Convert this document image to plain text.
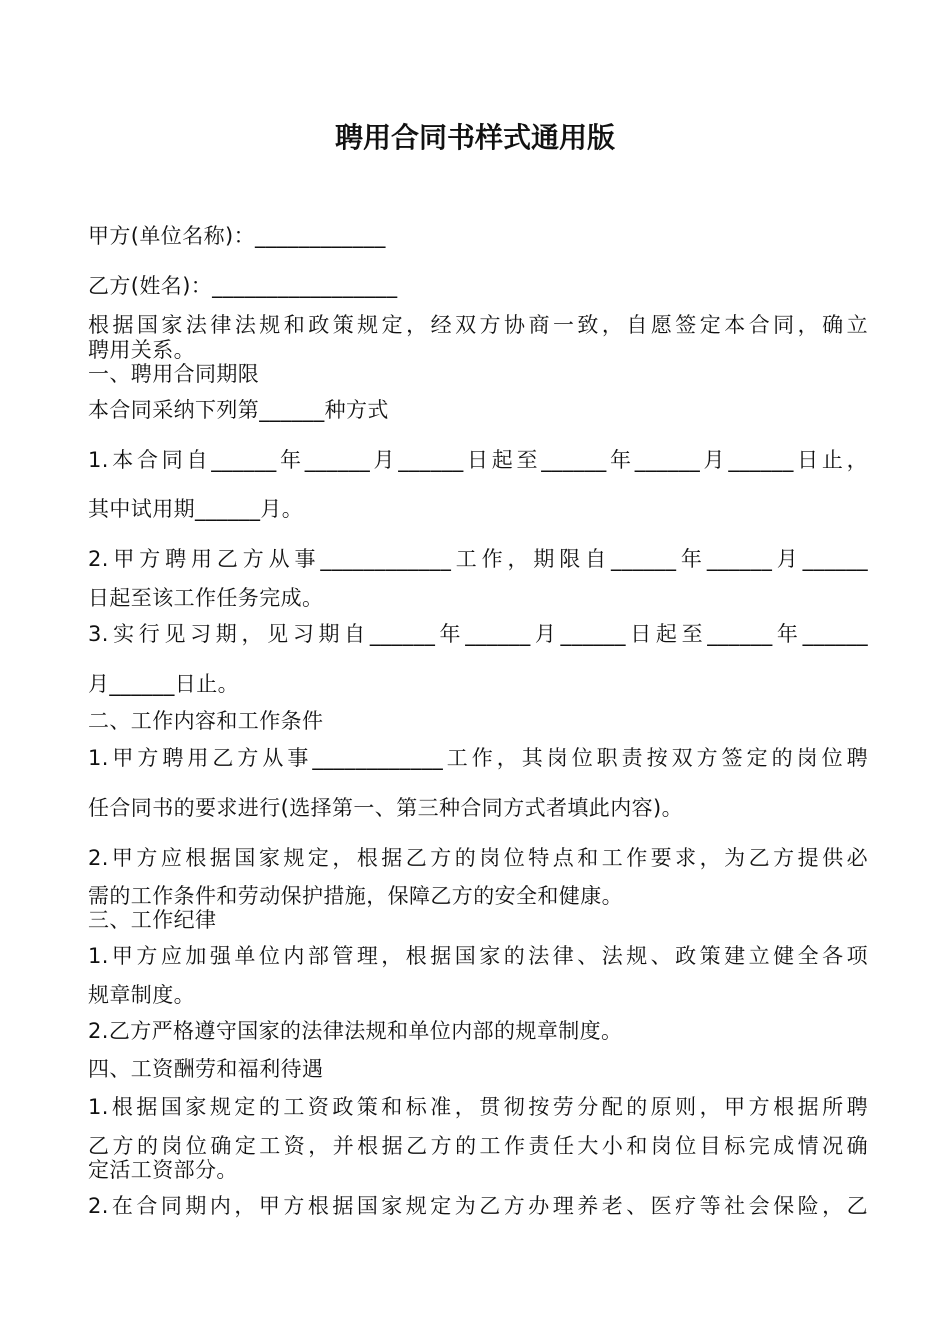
聘用合同书样式通用版
甲方(单位名称)：____________
乙方(姓名)：_________________
根据国家法律法规和政策规定，经双方协商一致，自愿签定本合同，确立
聘用关系。
一、聘用合同期限
本合同采纳下列第______种方式
1.本合同自______年______月______日起至______年______月______日止，
其中试用期______月。
2.甲方聘用乙方从事____________工作，期限自______年______月______
日起至该工作任务完成。
3.实行见习期，见习期自______年______月______日起至______年______
月______日止。
二、工作内容和工作条件
1.甲方聘用乙方从事____________工作，其岗位职责按双方签定的岗位聘
任合同书的要求进行(选择第一、第三种合同方式者填此内容)。
2.甲方应根据国家规定，根据乙方的岗位特点和工作要求，为乙方提供必
需的工作条件和劳动保护措施，保障乙方的安全和健康。
三、工作纪律
1.甲方应加强单位内部管理，根据国家的法律、法规、政策建立健全各项
规章制度。
2.乙方严格遵守国家的法律法规和单位内部的规章制度。
四、工资酬劳和福利待遇
1.根据国家规定的工资政策和标准，贯彻按劳分配的原则，甲方根据所聘
乙方的岗位确定工资，并根据乙方的工作责任大小和岗位目标完成情况确
定活工资部分。
2.在合同期内，甲方根据国家规定为乙方办理养老、医疗等社会保险，乙
